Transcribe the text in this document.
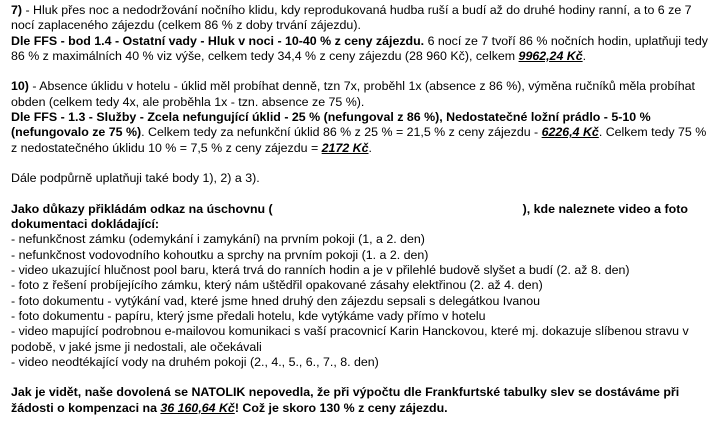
7) - Hluk přes noc a nedodržování nočního klidu, kdy reprodukovaná hudba ruší a budí až do druhé hodiny ranní, a to 6 ze 7 nocí zaplaceného zájezdu (celkem 86 % z doby trvání zájezdu).
Dle FFS - bod 1.4 - Ostatní vady - Hluk v noci - 10-40 % z ceny zájezdu. 6 nocí ze 7 tvoří 86 % nočních hodin, uplatňuji tedy 86 % z maximálních 40 % viz výše, celkem tedy 34,4 % z ceny zájezdu (28 960 Kč), celkem 9962,24 Kč.

10) - Absence úklidu v hotelu - úklid měl probíhat denně, tzn 7x, proběhl 1x (absence z 86 %), výměna ručníků měla probíhat obden (celkem tedy 4x, ale proběhla 1x - tzn. absence ze 75 %).
Dle FFS - 1.3 - Služby - Zcela nefungující úklid - 25 % (nefungoval z 86 %), Nedostatečné ložní prádlo - 5-10 % (nefungovalo ze 75 %). Celkem tedy za nefunkční úklid 86 % z 25 % = 21,5 % z ceny zájezdu - 6226,4 Kč. Celkem tedy 75 % z nedostatečného úklidu 10 % = 7,5 % z ceny zájezdu = 2172 Kč.

Dále podpůrně uplatňuji také body 1), 2) a 3).

Jako důkazy přikládám odkaz na úschovnu (	), kde naleznete video a foto dokumentaci dokládající:

- nefunkčnost zámku (odemykání i zamykání) na prvním pokoji (1, a 2. den)
- nefunkčnost vodovodního kohoutku a sprchy na prvním pokoji (1. a 2. den)
- video ukazující hlučnost pool baru, která trvá do ranních hodin a je v přilehlé budově slyšet a budí (2. až 8. den)
- foto z řešení probíjejícího zámku, který nám uštědřil opakované zásahy elektřinou (2. až 4. den)
- foto dokumentu - vytýkání vad, které jsme hned druhý den zájezdu sepsali s delegátkou Ivanou
- foto dokumentu - papíru, který jsme předali hotelu, kde vytýkáme vady přímo v hotelu
- video mapující podrobnou e-mailovou komunikaci s vaší pracovnicí Karin Hanckovou, které mj. dokazuje slíbenou stravu v podobě, v jaké jsme ji nedostali, ale očekávali
- video neodtékající vody na druhém pokoji (2., 4., 5., 6., 7., 8. den)

Jak je vidět, naše dovolená se NATOLIK nepovedla, že při výpočtu dle Frankfurtské tabulky slev se dostáváme při žádosti o kompenzaci na 36 160,64 Kč! Což je skoro 130 % z ceny zájezdu.
